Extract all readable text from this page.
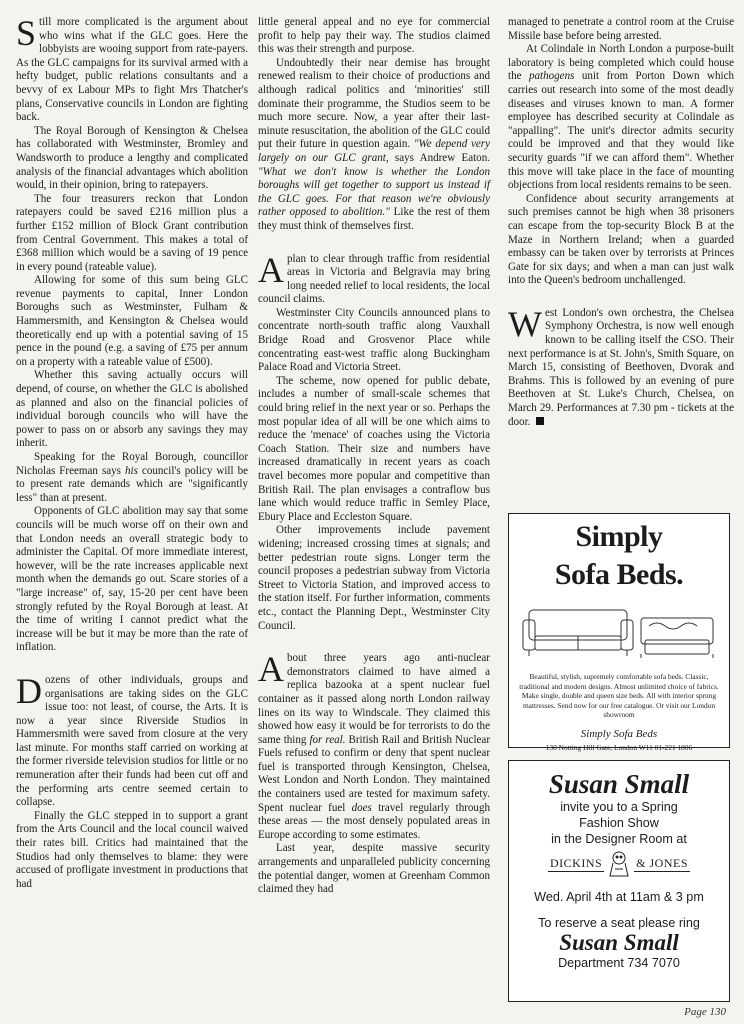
Still more complicated is the argument about who wins what if the GLC goes. Here the lobbyists are wooing support from rate-payers. As the GLC campaigns for its survival armed with a hefty budget, public relations consultants and a bevvy of ex Labour MPs to fight Mrs Thatcher's plans, Conservative councils in London are fighting back.

The Royal Borough of Kensington & Chelsea has collaborated with Westminster, Bromley and Wandsworth to produce a lengthy and complicated analysis of the financial advantages which abolition would, in their opinion, bring to ratepayers.

The four treasurers reckon that London ratepayers could be saved £216 million plus a further £152 million of Block Grant contribution from Central Government. This makes a total of £368 million which would be a saving of 19 pence in every pound (rateable value).

Allowing for some of this sum being GLC revenue payments to capital, Inner London Boroughs such as Westminster, Fulham & Hammersmith, and Kensington & Chelsea would theoretically end up with a potential saving of 15 pence in the pound (e.g. a saving of £75 per annum on a property with a rateable value of £500).

Whether this saving actually occurs will depend, of course, on whether the GLC is abolished as planned and also on the financial policies of individual borough councils who will have the power to pass on or absorb any savings they may inherit.

Speaking for the Royal Borough, councillor Nicholas Freeman says his council's policy will be to present rate demands which are "significantly less" than at present.

Opponents of GLC abolition may say that some councils will be much worse off on their own and that London needs an overall strategic body to administer the Capital. Of more immediate interest, however, will be the rate increases applicable next month when the demands go out. Scare stories of a "large increase" of, say, 15-20 per cent have been strongly refuted by the Royal Borough at least. At the time of writing I cannot predict what the increase will be but it may be more than the rate of inflation.

Dozens of other individuals, groups and organisations are taking sides on the GLC issue too: not least, of course, the Arts. It is now a year since Riverside Studios in Hammersmith were saved from closure at the very last minute. For months staff carried on working at the former riverside television studios for little or no remuneration after their funds had been cut off and the performing arts centre seemed certain to collapse.

Finally the GLC stepped in to support a grant from the Arts Council and the local council waived their rates bill. Critics had maintained that the Studios had only themselves to blame: they were accused of profligate investment in productions that had

little general appeal and no eye for commercial profit to help pay their way. The studios claimed this was their strength and purpose.

Undoubtedly their near demise has brought renewed realism to their choice of productions and although radical politics and 'minorities' still dominate their programme, the Studios seem to be much more secure. Now, a year after their last-minute resuscitation, the abolition of the GLC could put their future in question again. "We depend very largely on our GLC grant, says Andrew Eaton. "What we don't know is whether the London boroughs will get together to support us instead if the GLC goes. For that reason we're obviously rather opposed to abolition." Like the rest of them they must think of themselves first.

Aplan to clear through traffic from residential areas in Victoria and Belgravia may bring long needed relief to local residents, the local council claims.

Westminster City Councils announced plans to concentrate north-south traffic along Vauxhall Bridge Road and Grosvenor Place while concentrating east-west traffic along Buckingham Palace Road and Victoria Street.

The scheme, now opened for public debate, includes a number of small-scale schemes that could bring relief in the next year or so. Perhaps the most popular idea of all will be one which aims to reduce the 'menace' of coaches using the Victoria Coach Station. Their size and numbers have increased dramatically in recent years as coach travel becomes more popular and competitive than British Rail. The plan envisages a contraflow bus lane which would reduce traffic in Semley Place, Ebury Place and Eccleston Square.

Other improvements include pavement widening; increased crossing times at signals; and better pedestrian route signs. Longer term the council proposes a pedestrian subway from Victoria Street to Victoria Station, and improved access to the station itself. For further information, comments etc., contact the Planning Dept., Westminster City Council.

About three years ago anti-nuclear demonstrators claimed to have aimed a replica bazooka at a spent nuclear fuel container as it passed along north London railway lines on its way to Windscale. They claimed this showed how easy it would be for terrorists to do the same thing for real. British Rail and British Nuclear Fuels refused to confirm or deny that spent nuclear fuel is transported through Kensington, Chelsea, West London and North London. They maintained the containers used are tested for maximum safety. Spent nuclear fuel does travel regularly through these areas — the most densely populated areas in Europe according to some estimates.

Last year, despite massive security arrangements and unparalleled publicity concerning the potential danger, women at Greenham Common claimed they had

managed to penetrate a control room at the Cruise Missile base before being arrested.

At Colindale in North London a purpose-built laboratory is being completed which could house the pathogens unit from Porton Down which carries out research into some of the most deadly diseases and viruses known to man. A former employee has described security at Colindale as "appalling". The unit's director admits security could be improved and that they would like security guards "if we can afford them". Whether this move will take place in the face of mounting objections from local residents remains to be seen.

Confidence about security arrangements at such premises cannot be high when 38 prisoners can escape from the top-security Block B at the Maze in Northern Ireland; when a guarded embassy can be taken over by terrorists at Princes Gate for six days; and when a man can just walk into the Queen's bedroom unchallenged.

West London's own orchestra, the Chelsea Symphony Orchestra, is now well enough known to be calling itself the CSO. Their next performance is at St. John's, Smith Square, on March 15, consisting of Beethoven, Dvorak and Brahms. This is followed by an evening of pure Beethoven at St. Luke's Church, Chelsea, on March 29. Performances at 7.30 pm - tickets at the door.

Simply
Sofa Beds.
Beautiful, stylish, supremely comfortable sofa beds. Classic, traditional and modern designs. Almost unlimited choice of fabrics. Make single, double and queen size beds. All with interior sprung mattresses. Send now for our free catalogue. Or visit our London showroom
Simply Sofa Beds
130 Notting Hill Gate, London W11 01-221 1806
Susan Small
invite you to a Spring
Fashion Show
in the Designer Room at
DICKINS	& JONES
Wed. April 4th at 11am & 3 pm
To reserve a seat please ring
Susan Small
Department 734 7070
Page 130
